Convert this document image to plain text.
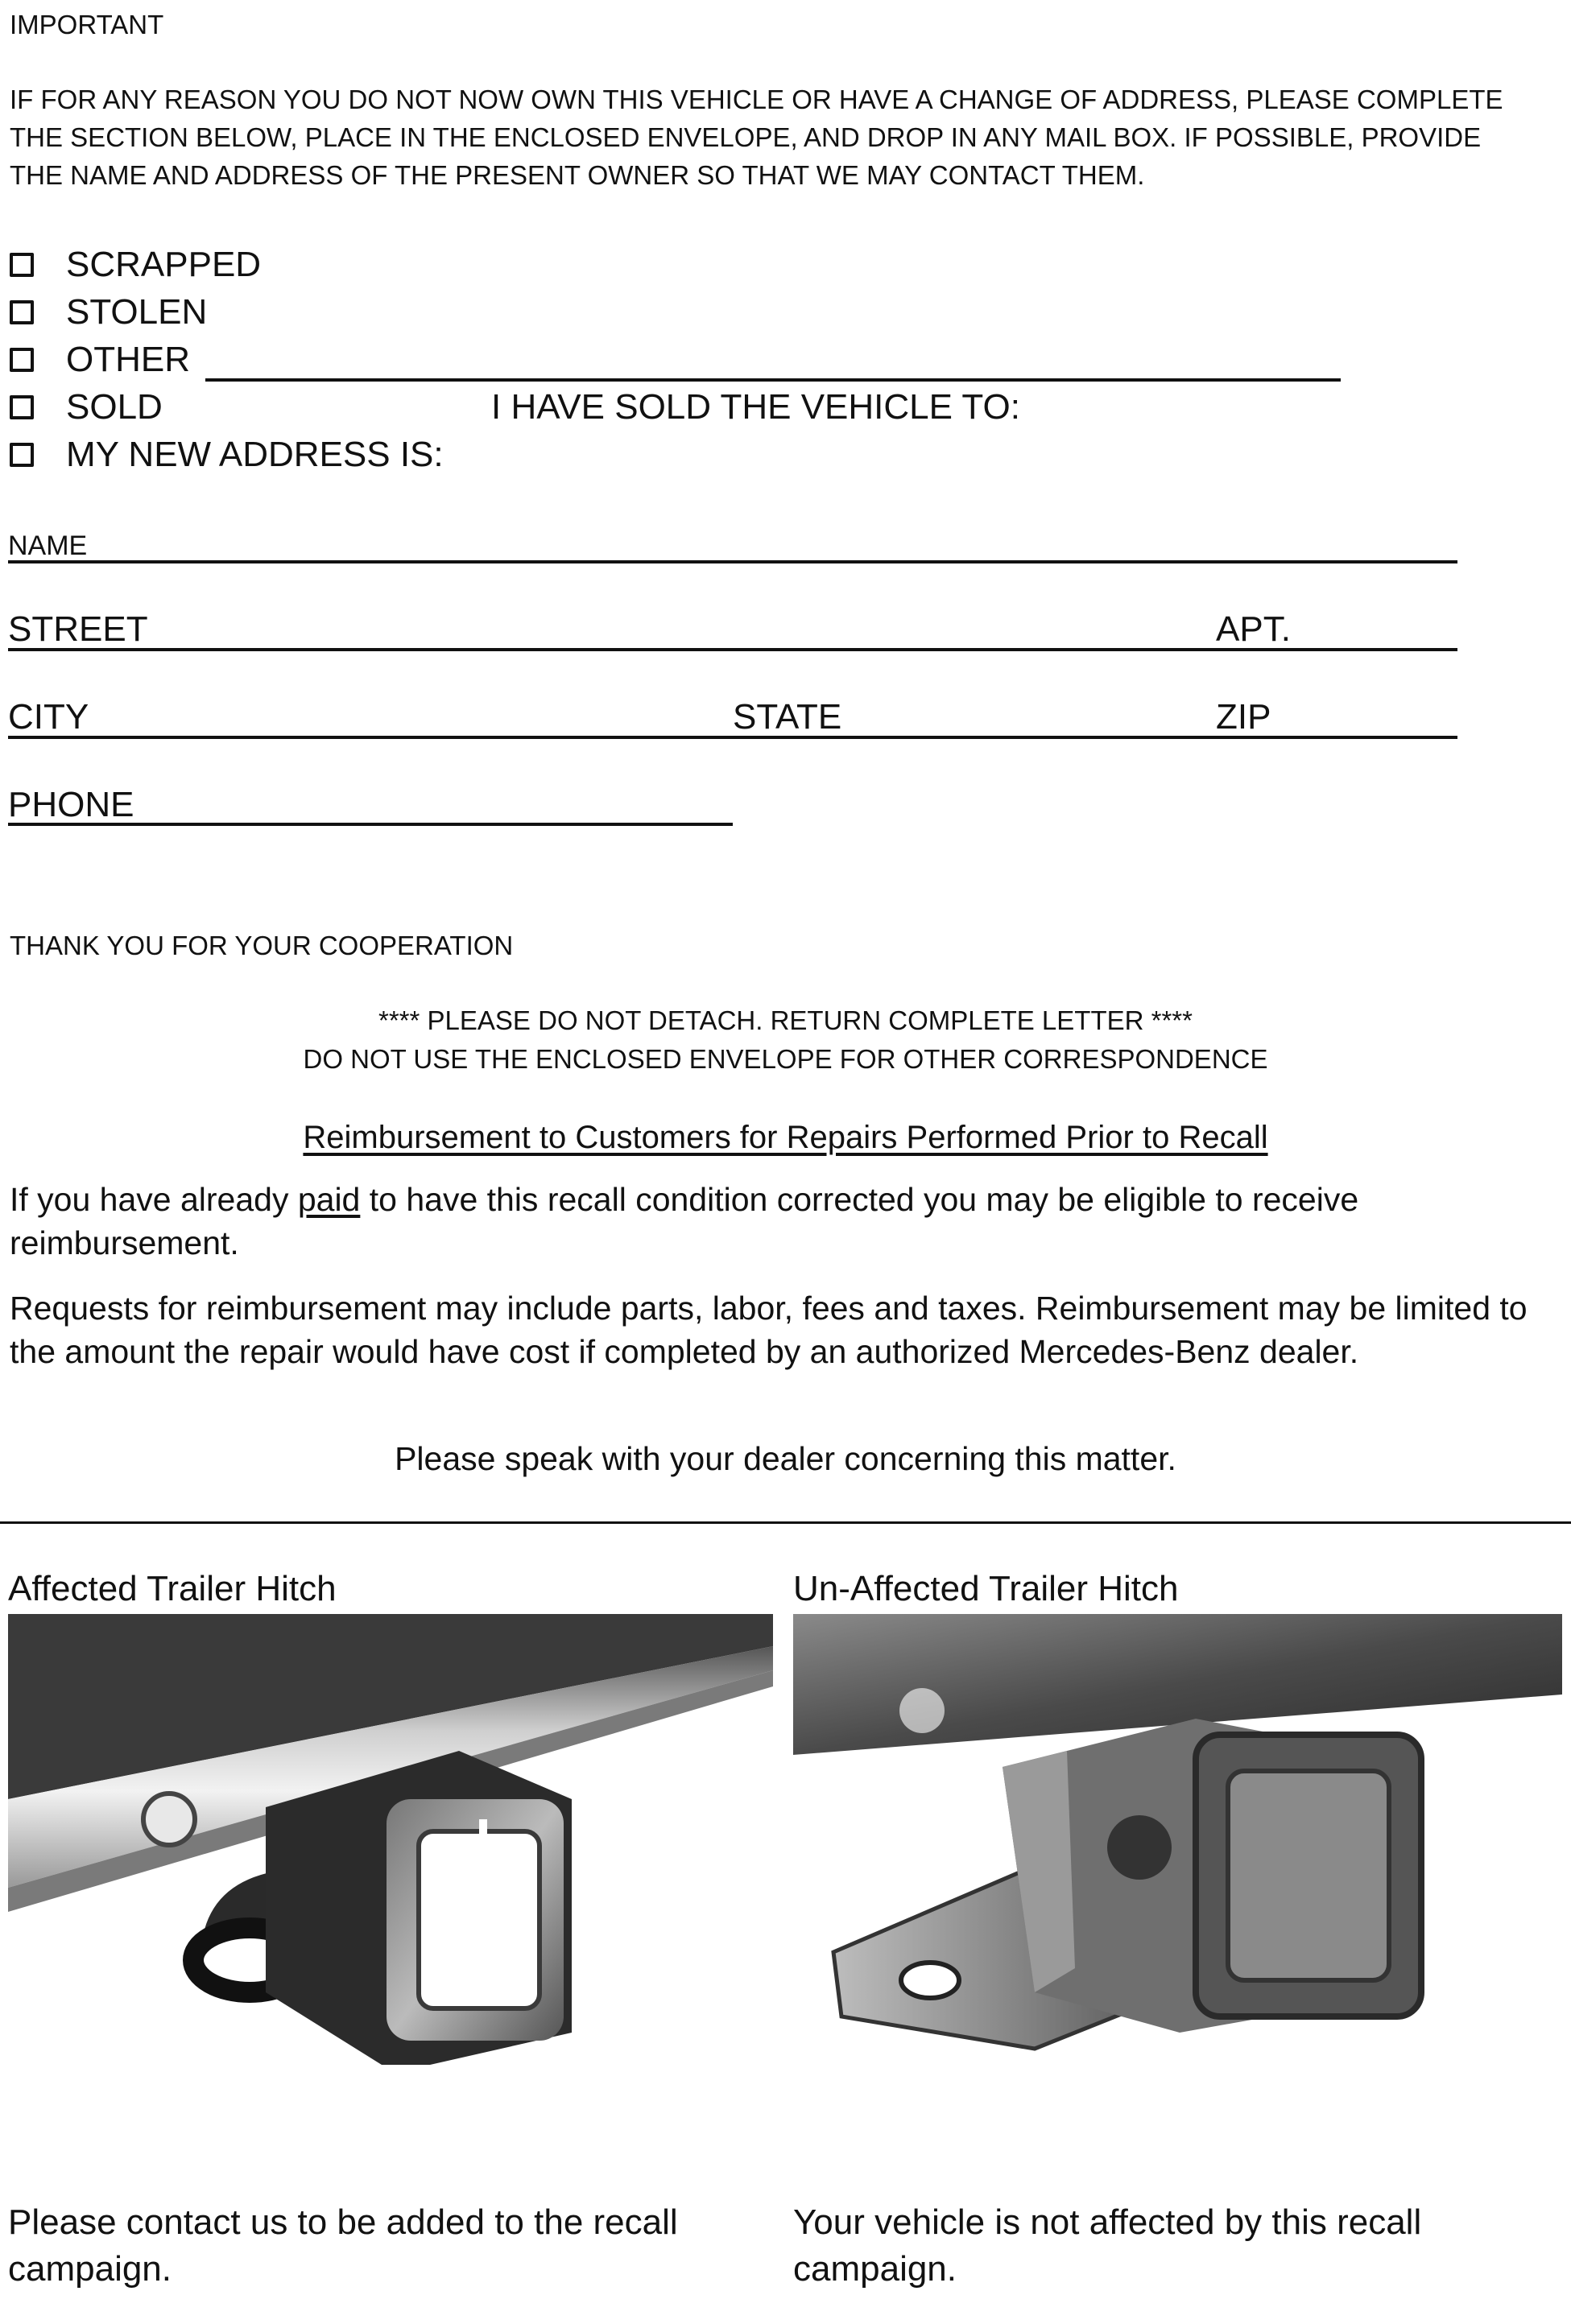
IMPORTANT
IF FOR ANY REASON YOU DO NOT NOW OWN THIS VEHICLE OR HAVE A CHANGE OF ADDRESS, PLEASE COMPLETE THE SECTION BELOW, PLACE IN THE ENCLOSED ENVELOPE, AND DROP IN ANY MAIL BOX. IF POSSIBLE, PROVIDE THE NAME AND ADDRESS OF THE PRESENT OWNER SO THAT WE MAY CONTACT THEM.
SCRAPPED
STOLEN
OTHER
SOLD	I HAVE SOLD THE VEHICLE TO:
MY NEW ADDRESS IS:
NAME
STREET	APT.
CITY	STATE	ZIP
PHONE
THANK YOU FOR YOUR COOPERATION
**** PLEASE DO NOT DETACH. RETURN COMPLETE LETTER ****
DO NOT USE THE ENCLOSED ENVELOPE FOR OTHER CORRESPONDENCE
Reimbursement to Customers for Repairs Performed Prior to Recall
If you have already paid to have this recall condition corrected you may be eligible to receive reimbursement.
Requests for reimbursement may include parts, labor, fees and taxes. Reimbursement may be limited to the amount the repair would have cost if completed by an authorized Mercedes-Benz dealer.
Please speak with your dealer concerning this matter.
Affected Trailer Hitch
Please contact us to be added to the recall campaign.
Un-Affected Trailer Hitch
Your vehicle is not affected by this recall campaign.
